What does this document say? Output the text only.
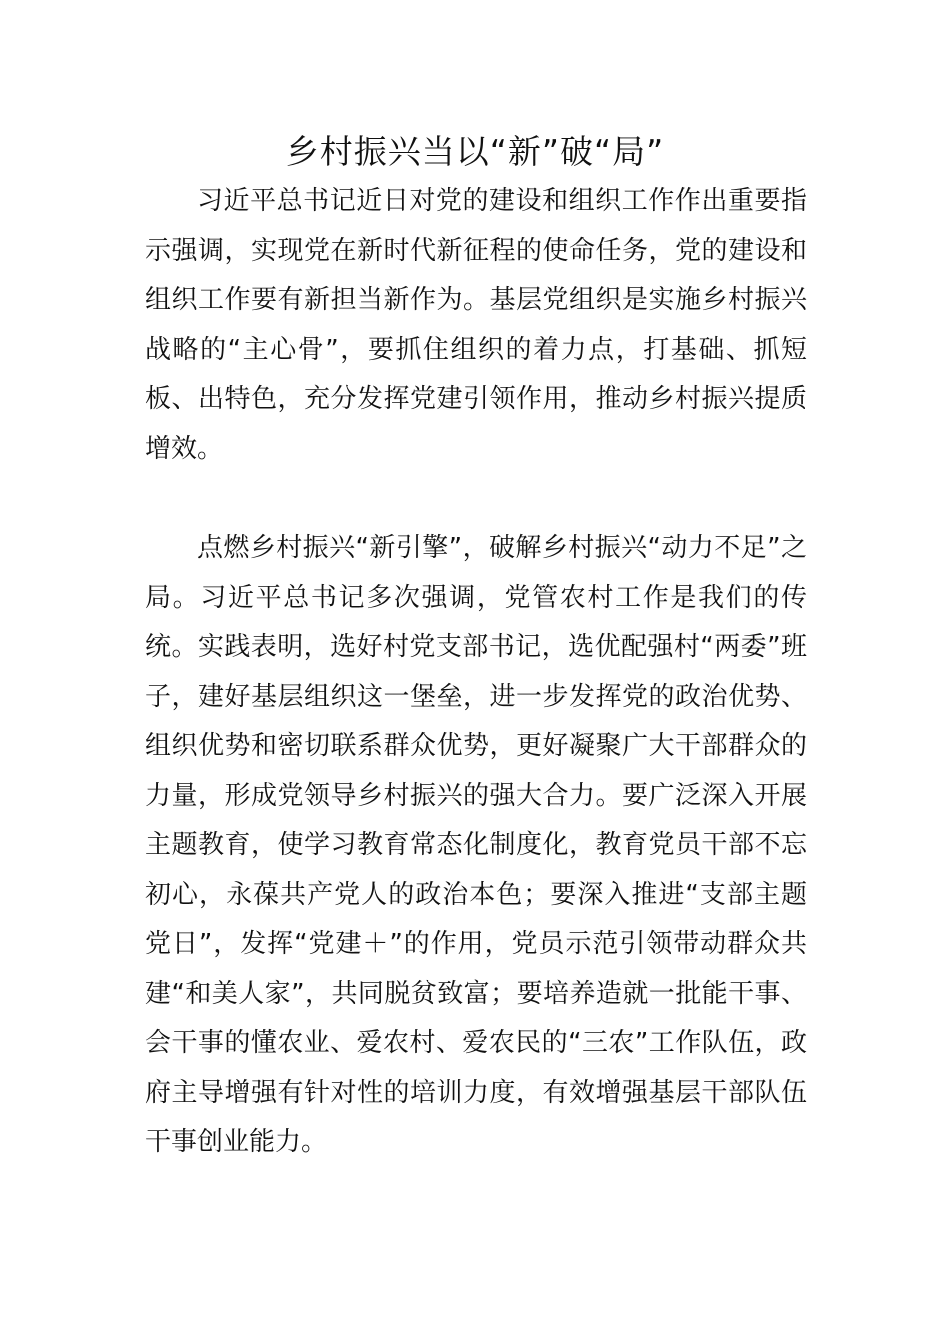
乡村振兴当以“新”破“局”

习近平总书记近日对党的建设和组织工作作出重要指示强调，实现党在新时代新征程的使命任务，党的建设和组织工作要有新担当新作为。基层党组织是实施乡村振兴战略的“主心骨”，要抓住组织的着力点，打基础、抓短板、出特色，充分发挥党建引领作用，推动乡村振兴提质增效。

点燃乡村振兴“新引擎”，破解乡村振兴“动力不足”之局。习近平总书记多次强调，党管农村工作是我们的传统。实践表明，选好村党支部书记，选优配强村“两委”班子，建好基层组织这一堡垒，进一步发挥党的政治优势、组织优势和密切联系群众优势，更好凝聚广大干部群众的力量，形成党领导乡村振兴的强大合力。要广泛深入开展主题教育，使学习教育常态化制度化，教育党员干部不忘初心，永葆共产党人的政治本色；要深入推进“支部主题党日”，发挥“党建＋”的作用，党员示范引领带动群众共建“和美人家”，共同脱贫致富；要培养造就一批能干事、会干事的懂农业、爱农村、爱农民的“三农”工作队伍，政府主导增强有针对性的培训力度，有效增强基层干部队伍干事创业能力。
